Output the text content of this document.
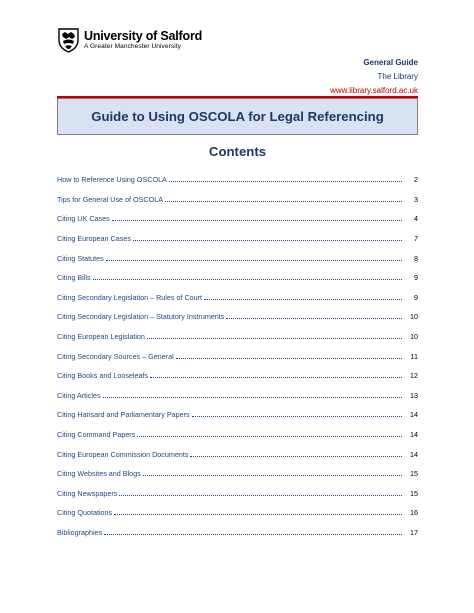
University of Salford
A Greater Manchester University
General Guide
The Library
www.library.salford.ac.uk
Guide to Using OSCOLA for Legal Referencing
Contents
How to Reference Using OSCOLA	2
Tips for General Use of OSCOLA	3
Citing UK Cases	4
Citing European Cases	7
Citing Statutes	8
Citing Bills	9
Citing Secondary Legislation – Rules of Court	9
Citing Secondary Legislation – Statutory Instruments	10
Citing European Legislation	10
Citing Secondary Sources – General	11
Citing Books and Looseleafs	12
Citing Articles	13
Citing Hansard and Parliamentary Papers	14
Citing Command Papers	14
Citing European Commission Documents	14
Citing Websites and Blogs	15
Citing Newspapers	15
Citing Quotations	16
Bibliographies	17
